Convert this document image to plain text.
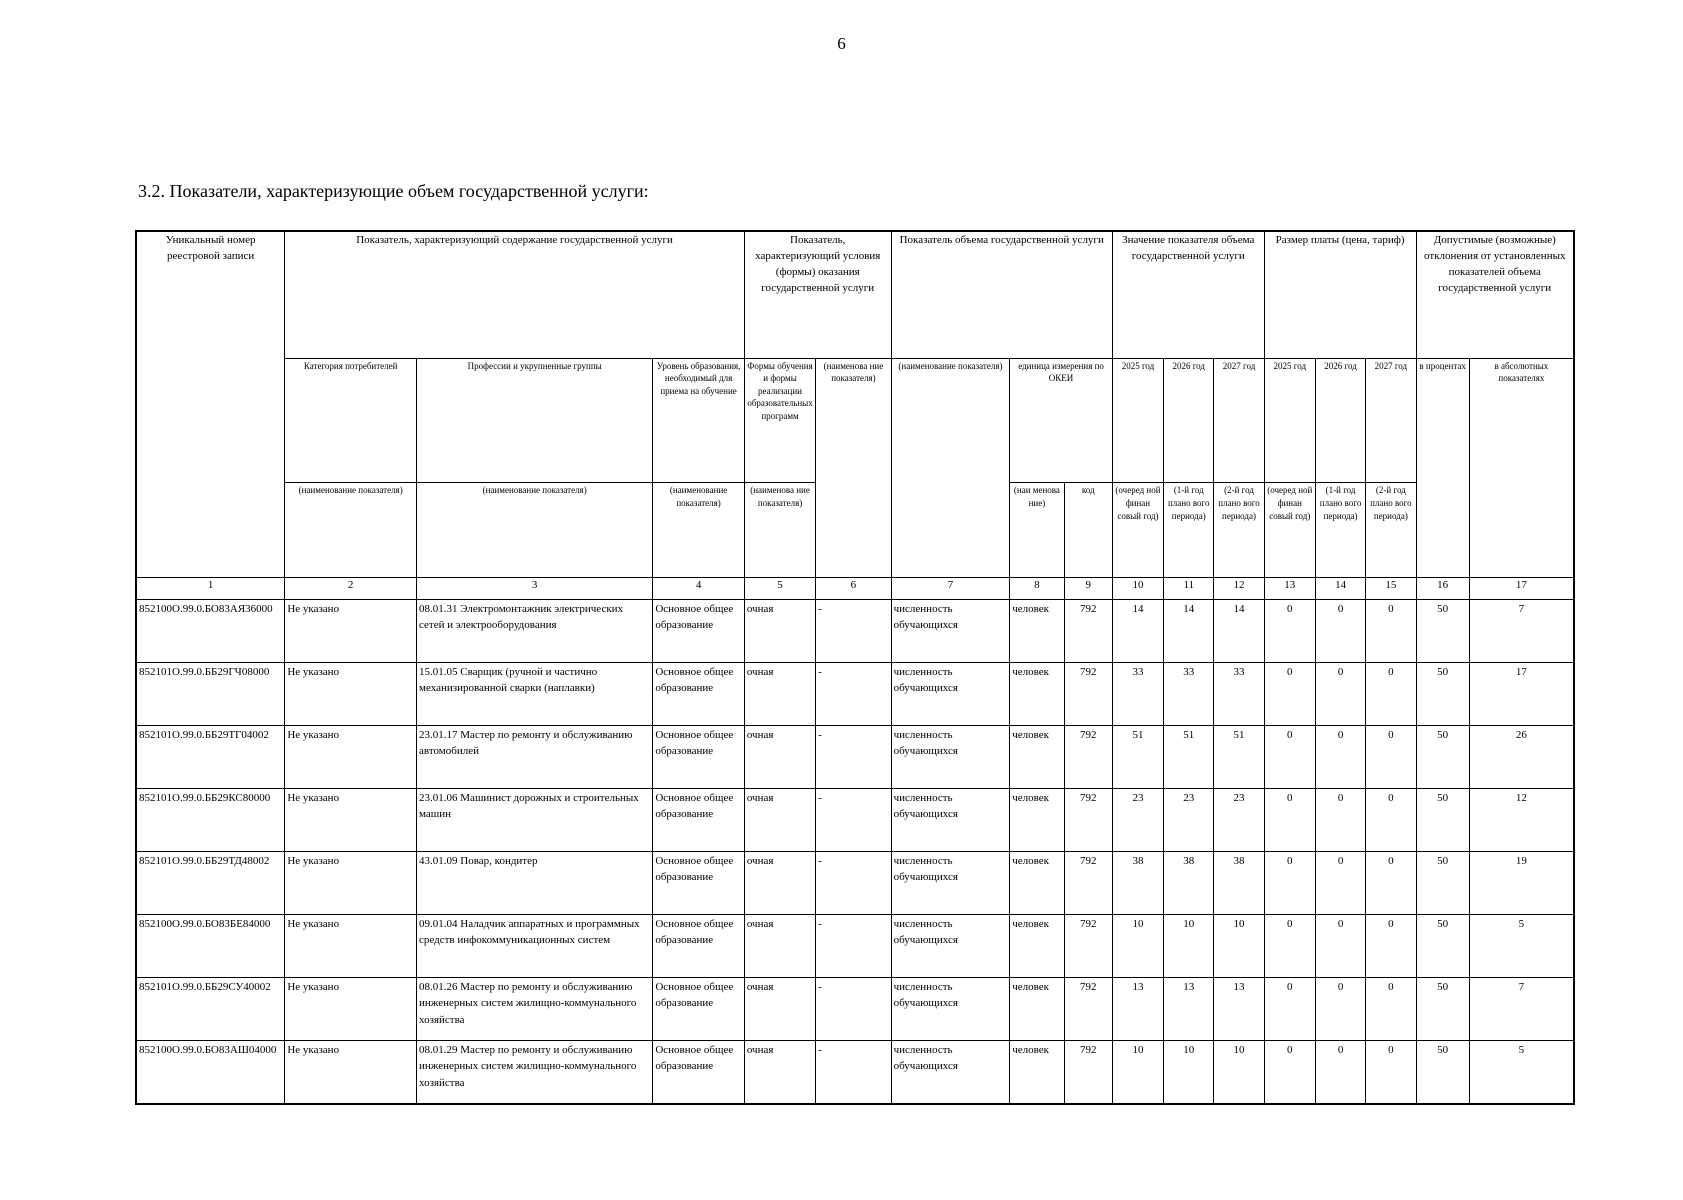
6
3.2. Показатели, характеризующие объем государственной услуги:
Уникальный номер реестровой записи	Показатель, характеризующий содержание государственной услуги			Показатель, характеризующий условия (формы) оказания государственной услуги		Показатель объема государственной услуги			Значение показателя объема государственной услуги			Размер платы (цена, тариф)			Допустимые (возможные) отклонения от установленных показателей объема государственной услуги	
	Категория потребителей	Профессии и укрупненные группы	Уровень образования, необходимый для приема на обучение	Формы обучения и формы реализации образовательных программ	(наименова ние показателя)	(наименование показателя)	единица измерения по ОКЕИ		2025 год	2026 год	2027 год	2025 год	2026 год	2027 год	в процентах	в абсолютных показателях
	(наименование показателя)	(наименование показателя)	(наименование показателя)	(наименова ние показателя)			(наи менова ние)	код	(очеред ной финан совый год)	(1-й год плано вого периода)	(2-й год плано вого периода)	(очеред ной финан совый год)	(1-й год плано вого периода)	(2-й год плано вого периода)		
1	2	3	4	5	6	7	8	9	10	11	12	13	14	15	16	17
852100О.99.0.БО83АЯ36000	Не указано	08.01.31 Электромонтажник электрических сетей и электрооборудования	Основное общее образование	очная	-	численность обучающихся	человек	792	14	14	14	0	0	0	50	7
852101О.99.0.ББ29ГЧ08000	Не указано	15.01.05 Сварщик (ручной и частично механизированной сварки (наплавки)	Основное общее образование	очная	-	численность обучающихся	человек	792	33	33	33	0	0	0	50	17
852101О.99.0.ББ29ТГ04002	Не указано	23.01.17 Мастер по ремонту и обслуживанию автомобилей	Основное общее образование	очная	-	численность обучающихся	человек	792	51	51	51	0	0	0	50	26
852101О.99.0.ББ29КС80000	Не указано	23.01.06 Машинист дорожных и строительных машин	Основное общее образование	очная	-	численность обучающихся	человек	792	23	23	23	0	0	0	50	12
852101О.99.0.ББ29ТД48002	Не указано	43.01.09 Повар, кондитер	Основное общее образование	очная	-	численность обучающихся	человек	792	38	38	38	0	0	0	50	19
852100О.99.0.БО83БЕ84000	Не указано	09.01.04 Наладчик аппаратных и программных средств инфокоммуникационных систем	Основное общее образование	очная	-	численность обучающихся	человек	792	10	10	10	0	0	0	50	5
852101О.99.0.ББ29СУ40002	Не указано	08.01.26 Мастер по ремонту и обслуживанию инженерных систем жилищно-коммунального хозяйства	Основное общее образование	очная	-	численность обучающихся	человек	792	13	13	13	0	0	0	50	7
852100О.99.0.БО83АШ04000	Не указано	08.01.29 Мастер по ремонту и обслуживанию инженерных систем жилищно-коммунального хозяйства	Основное общее образование	очная	-	численность обучающихся	человек	792	10	10	10	0	0	0	50	5
